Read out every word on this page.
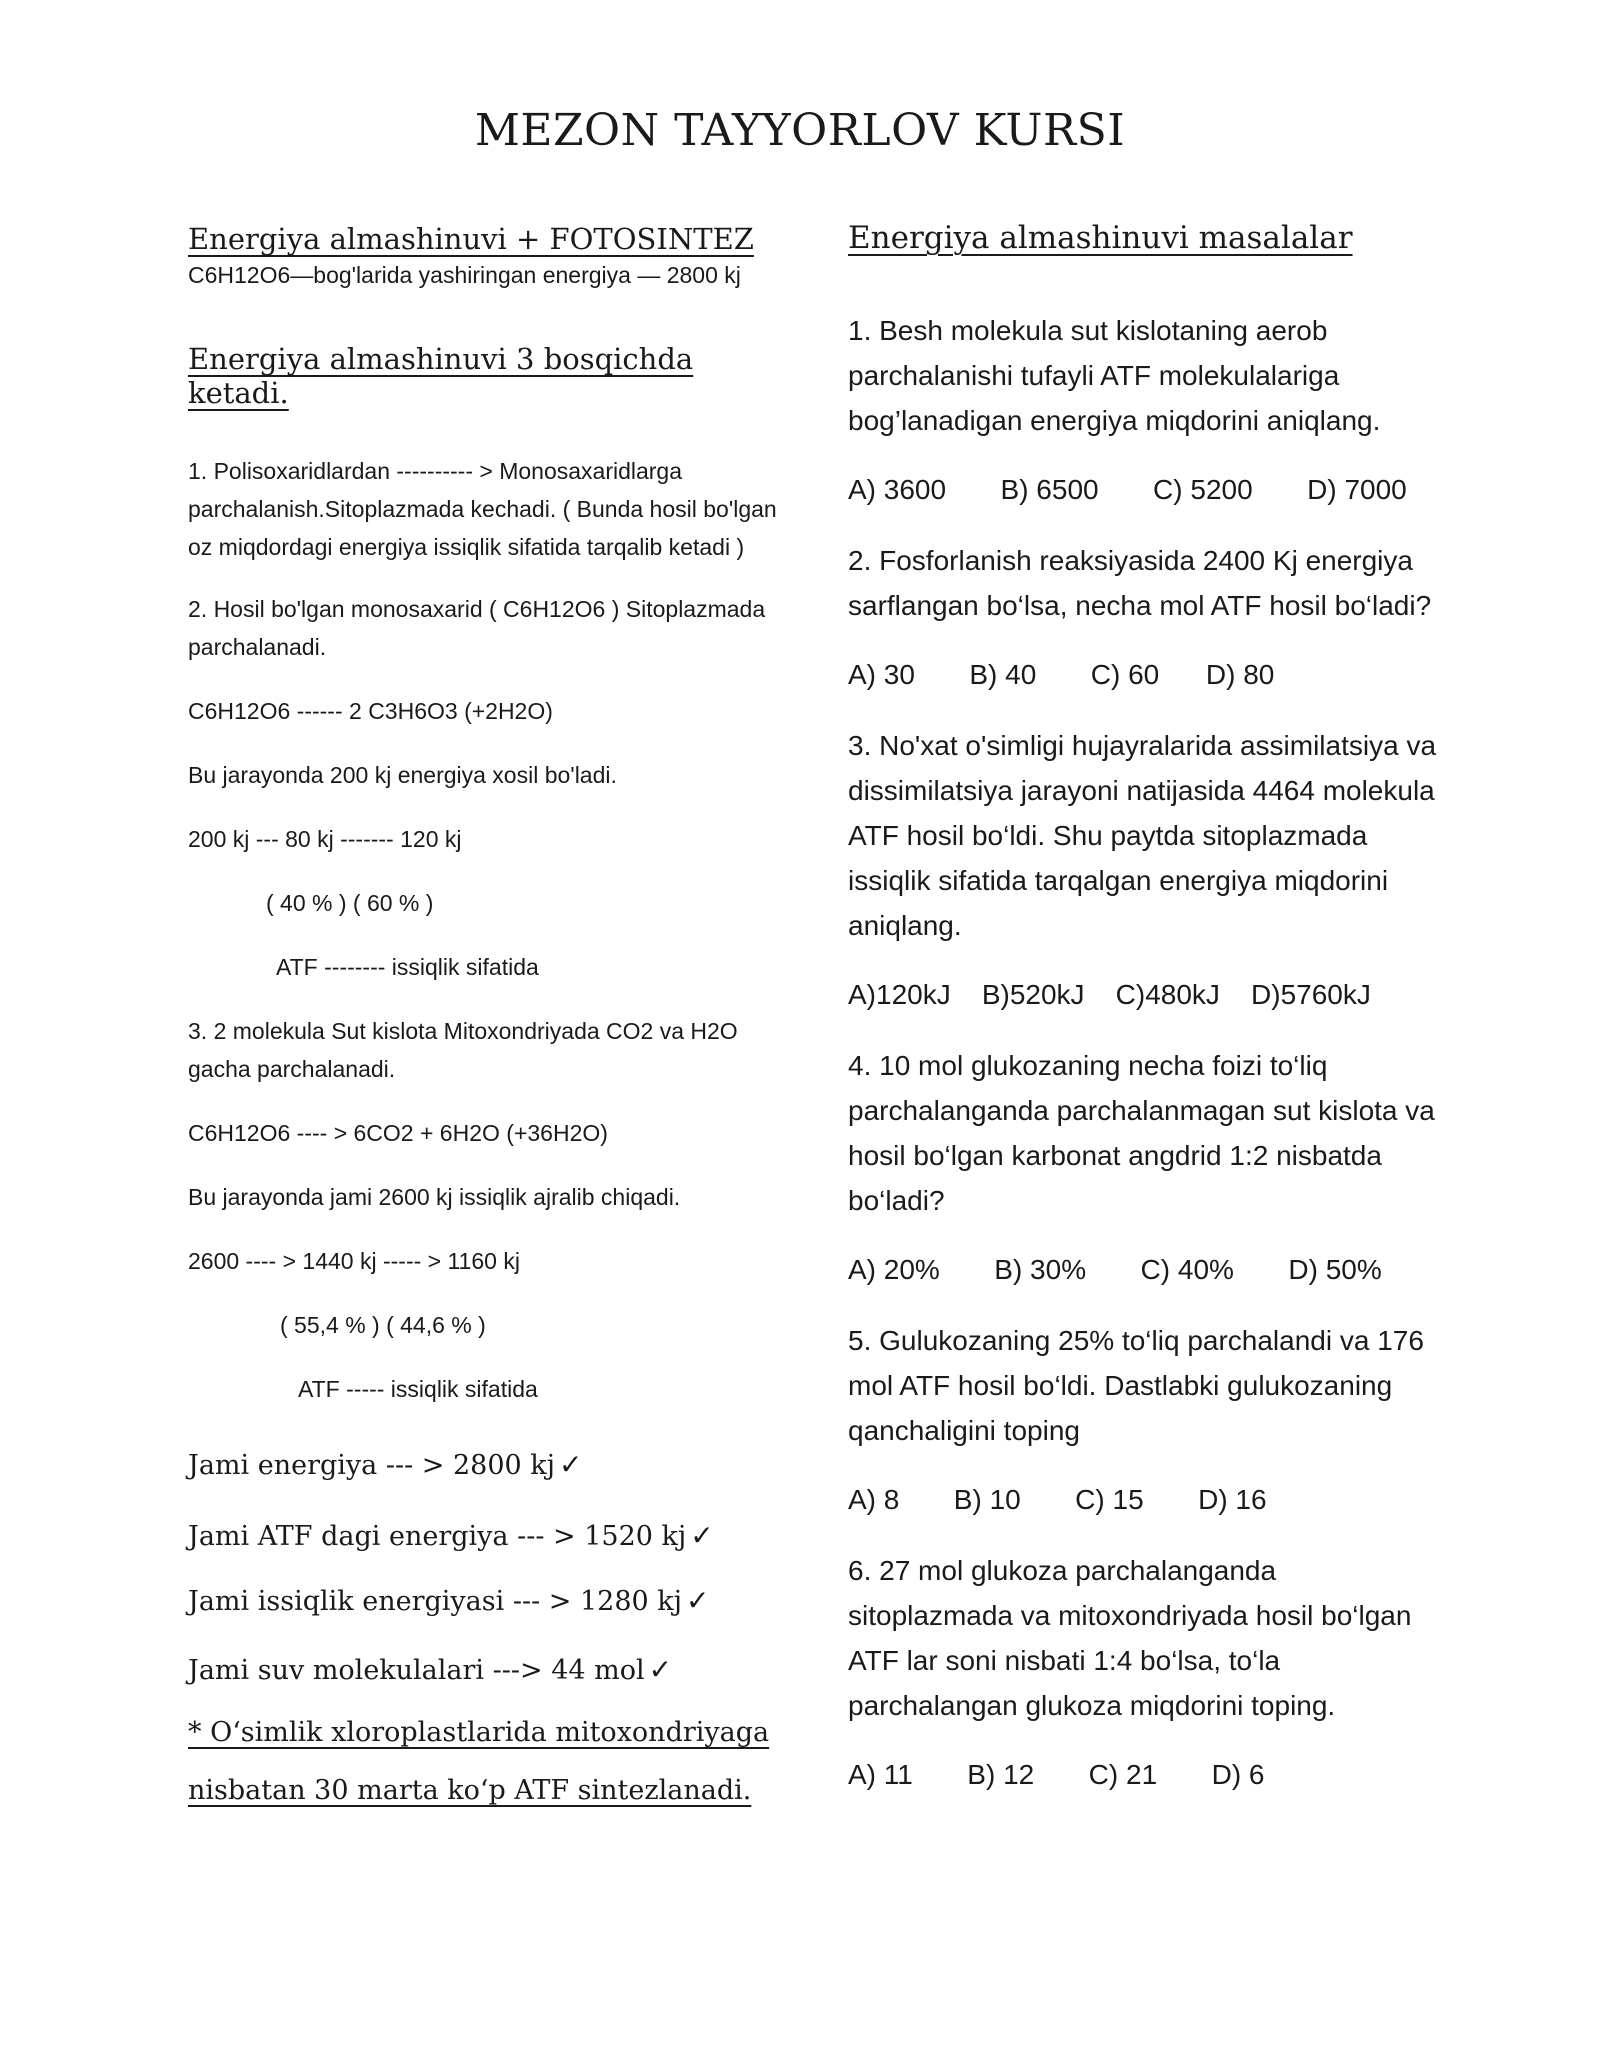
MEZON TAYYORLOV KURSI
Energiya almashinuvi + FOTOSINTEZ

C6H12O6—bog'larida yashiringan energiya — 2800 kj

Energiya almashinuvi 3 bosqichda ketadi.

1. Polisoxaridlardan ---------- > Monosaxaridlarga parchalanish.Sitoplazmada kechadi. ( Bunda hosil bo'lgan oz miqdordagi energiya issiqlik sifatida tarqalib ketadi )

2. Hosil bo'lgan monosaxarid ( C6H12O6 ) Sitoplazmada parchalanadi.

C6H12O6 ------ 2 C3H6O3 (+2H2O)

Bu jarayonda 200 kj energiya xosil bo'ladi.

200 kj --- 80 kj ------- 120 kj

( 40 % ) ( 60 % )

ATF -------- issiqlik sifatida

3. 2 molekula Sut kislota Mitoxondriyada CO2 va H2O gacha parchalanadi.

C6H12O6 ---- > 6CO2 + 6H2O (+36H2O)

Bu jarayonda jami 2600 kj issiqlik ajralib chiqadi.

2600 ---- > 1440 kj ----- > 1160 kj

( 55,4 % ) ( 44,6 % )

ATF ----- issiqlik sifatida

Jami energiya --- > 2800 kj ✓

Jami ATF dagi energiya --- > 1520 kj ✓

Jami issiqlik energiyasi --- > 1280 kj ✓

Jami suv molekulalari ---> 44 mol ✓

* O‘simlik xloroplastlarida mitoxondriyaga nisbatan 30 marta ko‘p ATF sintezlanadi.

Energiya almashinuvi masalalar

1. Besh molekula sut kislotaning aerob parchalanishi tufayli ATF molekulalariga bog’lanadigan energiya miqdorini aniqlang.

A) 3600       B) 6500       C) 5200       D) 7000

2. Fosforlanish reaksiyasida 2400 Kj energiya sarflangan bo‘lsa, necha mol ATF hosil bo‘ladi?

A) 30       B) 40       C) 60      D) 80

3. No'xat o'simligi hujayralarida assimilatsiya va dissimilatsiya jarayoni natijasida 4464 molekula ATF hosil bo‘ldi. Shu paytda sitoplazmada issiqlik sifatida tarqalgan energiya miqdorini aniqlang.

A)120kJ    B)520kJ    C)480kJ    D)5760kJ

4. 10 mol glukozaning necha foizi to‘liq parchalanganda parchalanmagan sut kislota va hosil bo‘lgan karbonat angdrid 1:2 nisbatda bo‘ladi?

A) 20%       B) 30%       C) 40%       D) 50%

5. Gulukozaning 25% to‘liq parchalandi va 176 mol ATF hosil bo‘ldi. Dastlabki gulukozaning qanchaligini toping

A) 8       B) 10       C) 15       D) 16

6. 27 mol glukoza parchalanganda sitoplazmada va mitoxondriyada hosil bo‘lgan ATF lar soni nisbati 1:4 bo‘lsa, to‘la parchalangan glukoza miqdorini toping.

A) 11       B) 12       C) 21       D) 6
